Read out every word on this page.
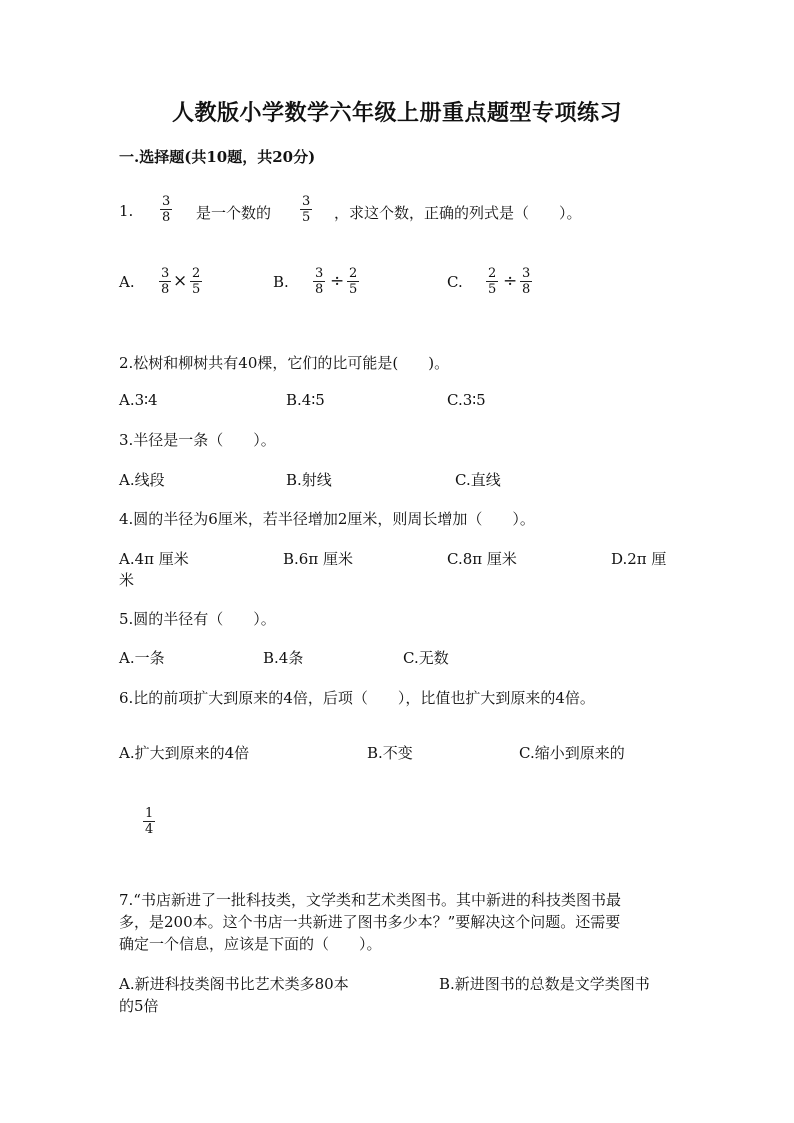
人教版小学数学六年级上册重点题型专项练习
一.选择题(共10题，共20分)
1.
3
8 是一个数的
3
5 ，求这个数，正确的列式是（　　）。
A. 3
8 × 2
5	B. 3
8 ÷ 2
5	C. 2
5 ÷ 3
8
2.松树和柳树共有40棵，它们的比可能是(　　)。
A.3∶4	B.4∶5	C.3∶5
3.半径是一条（　　）。
A.线段	B.射线	C.直线
4.圆的半径为6厘米，若半径增加2厘米，则周长增加（　　）。
A.4π 厘米	B.6π 厘米	C.8π 厘米	D.2π 厘
米
5.圆的半径有（　　）。
A.一条	B.4条	C.无数
6.比的前项扩大到原来的4倍，后项（　　），比值也扩大到原来的4倍。
A.扩大到原来的4倍	B.不变	C.缩小到原来的
1
4
7.“书店新进了一批科技类，文学类和艺术类图书。其中新进的科技类图书最
多，是200本。这个书店一共新进了图书多少本？”要解决这个问题。还需要
确定一个信息，应该是下面的（　　）。
A.新进科技类阁书比艺术类多80本	B.新进图书的总数是文学类图书
的5倍
